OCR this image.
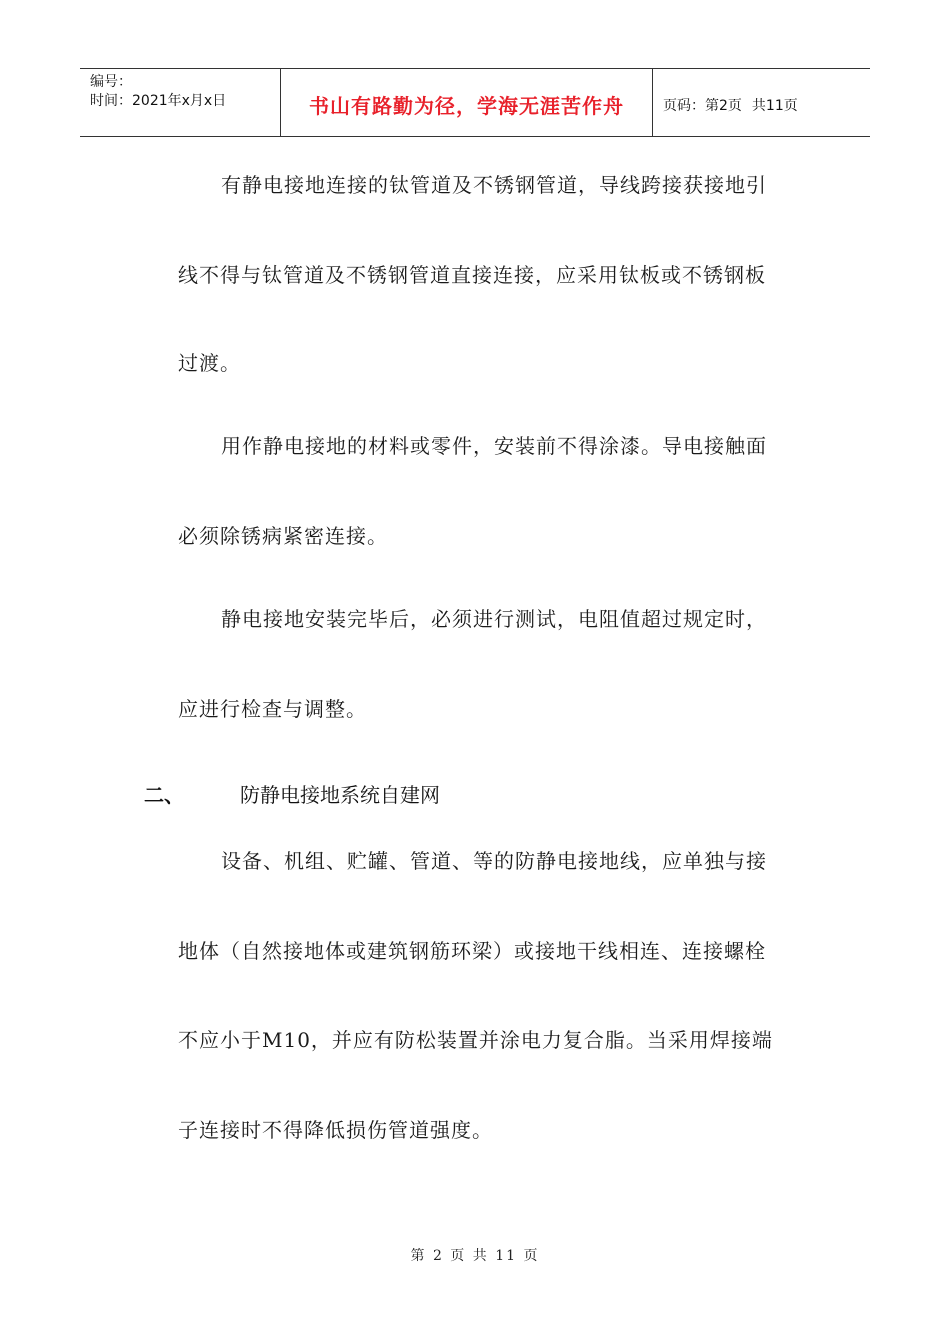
编号：
时间：2021年x月x日	书山有路勤为径，学海无涯苦作舟	页码：第2页 共11页
有静电接地连接的钛管道及不锈钢管道，导线跨接获接地引
线不得与钛管道及不锈钢管道直接连接，应采用钛板或不锈钢板
过渡。
用作静电接地的材料或零件，安装前不得涂漆。导电接触面
必须除锈病紧密连接。
静电接地安装完毕后，必须进行测试，电阻值超过规定时，
应进行检查与调整。
二、	防静电接地系统自建网
设备、机组、贮罐、管道、等的防静电接地线，应单独与接
地体（自然接地体或建筑钢筋环梁）或接地干线相连、连接螺栓
不应小于M10，并应有防松装置并涂电力复合脂。当采用焊接端
子连接时不得降低损伤管道强度。
第 2 页 共 11 页
